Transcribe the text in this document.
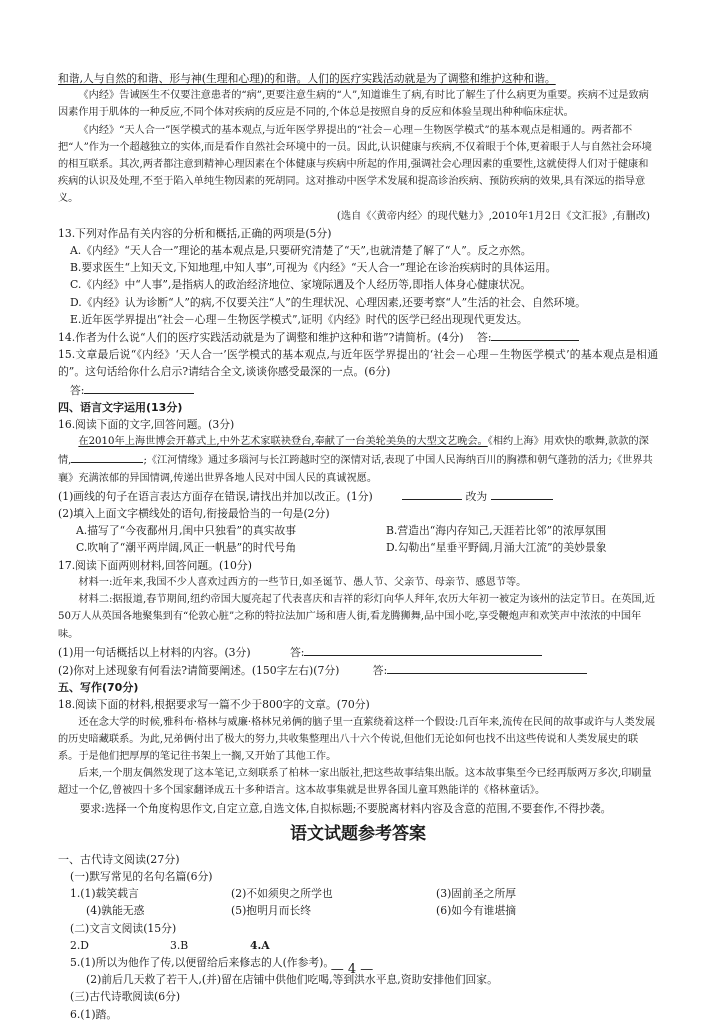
和谐,人与自然的和谐、形与神(生理和心理)的和谐。人们的医疗实践活动就是为了调整和维护这种和谐。

《内经》告诫医生不仅要注意患者的“病”,更要注意生病的“人”,知道谁生了病,有时比了解生了什么病更为重要。疾病不过是致病因素作用于肌体的一种反应,不同个体对疾病的反应是不同的,个体总是按照自身的反应和体验呈现出种种临床症状。

《内经》“天人合一”医学模式的基本观点,与近年医学界提出的“社会－心理－生物医学模式”的基本观点是相通的。两者都不把“人”作为一个超越独立的实体,而是看作自然社会环境中的一员。因此,认识健康与疾病,不仅着眼于个体,更着眼于人与自然社会环境的相互联系。其次,两者都注意到精神心理因素在个体健康与疾病中所起的作用,强调社会心理因素的重要性,这就使得人们对于健康和疾病的认识及处理,不至于陷入单纯生物因素的死胡同。这对推动中医学术发展和提高诊治疾病、预防疾病的效果,具有深远的指导意义。

(选自《〈黄帝内经〉的现代魅力》,2010年1月2日《文汇报》,有删改)

13.下列对作品有关内容的分析和概括,正确的两项是(5分)

A.《内经》“天人合一”理论的基本观点是,只要研究清楚了“天”,也就清楚了解了“人”。反之亦然。

B.要求医生“上知天文,下知地理,中知人事”,可视为《内经》“天人合一”理论在诊治疾病时的具体运用。

C.《内经》中“人事”,是指病人的政治经济地位、家境际遇及个人经历等,即指人体身心健康状况。

D.《内经》认为诊断“人”的病,不仅要关注“人”的生理状况、心理因素,还要考察“人”生活的社会、自然环境。

E.近年医学界提出“社会－心理－生物医学模式”,证明《内经》时代的医学已经出现现代更发达。

14.作者为什么说“人们的医疗实践活动就是为了调整和维护这种和谐”?请简析。(4分) 答:

15.文章最后说“《内经》‘天人合一’医学模式的基本观点,与近年医学界提出的‘社会－心理－生物医学模式’的基本观点是相通的”。这句话给你什么启示?请结合全文,谈谈你感受最深的一点。(6分)

答:

四、语言文字运用(13分)

16.阅读下面的文字,回答问题。(3分)

在2010年上海世博会开幕式上,中外艺术家联袂登台,奉献了一台美轮美奂的大型文艺晚会。《相约上海》用欢快的歌舞,款款的深情,	;《江河情缘》通过多瑙河与长江跨越时空的深情对话,表现了中国人民海纳百川的胸襟和朝气蓬勃的活力;《世界共襄》充满浓郁的异国情调,传递出世界各地人民对中国人民的真诚祝愿。

(1)画线的句子在语言表达方面存在错误,请找出并加以改正。(1分)	改为

(2)填入上面文字横线处的语句,衔接最恰当的一句是(2分)

A.描写了“今夜鄱州月,闺中只独看”的真实故事	B.营造出“海内存知己,天涯若比邻”的浓厚氛围
C.吹响了“潮平两岸阔,风正一帆悬”的时代号角	D.勾勒出“星垂平野阔,月涌大江流”的美妙景象

17.阅读下面两则材料,回答问题。(10分)

材料一:近年来,我国不少人喜欢过西方的一些节日,如圣诞节、愚人节、父亲节、母亲节、感恩节等。

材料二:据报道,春节期间,纽约帝国大厦亮起了代表喜庆和吉祥的彩灯向华人拜年,农历大年初一被定为该州的法定节日。在英国,近50万人从英国各地聚集到有“伦敦心脏”之称的特拉法加广场和唐人街,看龙腾狮舞,品中国小吃,享受鞭炮声和欢笑声中浓浓的中国年味。

(1)用一句话概括以上材料的内容。(3分)	答:

(2)你对上述现象有何看法?请简要阐述。(150字左右)(7分)	答:

五、写作(70分)

18.阅读下面的材料,根据要求写一篇不少于800字的文章。(70分)

还在念大学的时候,雅科布·格林与威廉·格林兄弟俩的脑子里一直萦绕着这样一个假设:几百年来,流传在民间的故事或许与人类发展的历史暗藏联系。为此,兄弟俩付出了极大的努力,共收集整理出八十六个传说,但他们无论如何也找不出这些传说和人类发展史的联系。于是他们把厚厚的笔记往书架上一搁,又开始了其他工作。

后来,一个朋友偶然发现了这本笔记,立刻联系了柏林一家出版社,把这些故事结集出版。这本故事集至今已经再版两万多次,印刷量超过一个亿,曾被四十多个国家翻译成五十多种语言。这本故事集就是世界各国儿童耳熟能详的《格林童话》。

要求:选择一个角度构思作文,自定立意,自选文体,自拟标题;不要脱离材料内容及含意的范围,不要套作,不得抄袭。

语文试题参考答案

一、古代诗文阅读(27分)

(一)默写常见的名句名篇(6分)

1.(1)载笑载言	(2)不如须臾之所学也	(3)固前圣之所厚
(4)孰能无惑	(5)抱明月而长终	(6)如今有谁堪摘

(二)文言文阅读(15分)

2.D	3.B	4.A

5.(1)所以为他作了传,以便留给后来修志的人(作参考)。

(2)前后几天救了若干人,(并)留在店铺中供他们吃喝,等到洪水平息,资助安排他们回家。

(三)古代诗歌阅读(6分)

6.(1)踏。

— 4 —
